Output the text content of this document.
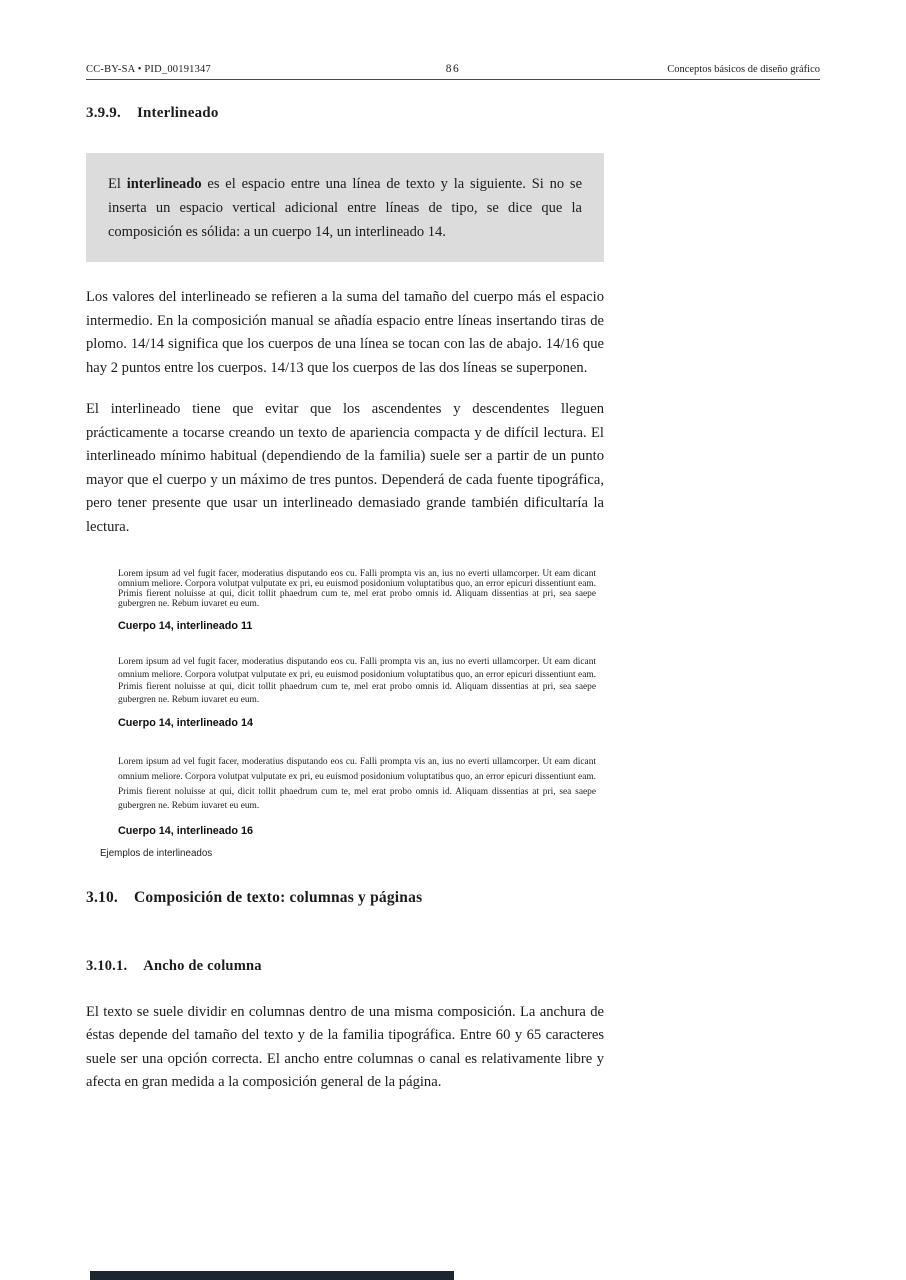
CC-BY-SA • PID_00191347	86	Conceptos básicos de diseño gráfico
3.9.9. Interlineado
El interlineado es el espacio entre una línea de texto y la siguiente. Si no se inserta un espacio vertical adicional entre líneas de tipo, se dice que la composición es sólida: a un cuerpo 14, un interlineado 14.

Los valores del interlineado se refieren a la suma del tamaño del cuerpo más el espacio intermedio. En la composición manual se añadía espacio entre líneas insertando tiras de plomo. 14/14 significa que los cuerpos de una línea se tocan con las de abajo. 14/16 que hay 2 puntos entre los cuerpos. 14/13 que los cuerpos de las dos líneas se superponen.

El interlineado tiene que evitar que los ascendentes y descendentes lleguen prácticamente a tocarse creando un texto de apariencia compacta y de difícil lectura. El interlineado mínimo habitual (dependiendo de la familia) suele ser a partir de un punto mayor que el cuerpo y un máximo de tres puntos. Dependerá de cada fuente tipográfica, pero tener presente que usar un interlineado demasiado grande también dificultaría la lectura.

Lorem ipsum ad vel fugit facer, moderatius disputando eos cu. Falli prompta vis an, ius no everti ullamcorper. Ut eam dicant omnium meliore. Corpora volutpat vulputate ex pri, eu euismod posidonium voluptatibus quo, an error epicuri dissentiunt eam. Primis fierent noluisse at qui, dicit tollit phaedrum cum te, mel erat probo omnis id. Aliquam dissentias at pri, sea saepe gubergren ne. Rebum iuvaret eu eum.

Cuerpo 14, interlineado 11

Lorem ipsum ad vel fugit facer, moderatius disputando eos cu. Falli prompta vis an, ius no everti ullamcorper. Ut eam dicant omnium meliore. Corpora volutpat vulputate ex pri, eu euismod posidonium voluptatibus quo, an error epicuri dissentiunt eam. Primis fierent noluisse at qui, dicit tollit phaedrum cum te, mel erat probo omnis id. Aliquam dissentias at pri, sea saepe gubergren ne. Rebum iuvaret eu eum.

Cuerpo 14, interlineado 14

Lorem ipsum ad vel fugit facer, moderatius disputando eos cu. Falli prompta vis an, ius no everti ullamcorper. Ut eam dicant omnium meliore. Corpora volutpat vulputate ex pri, eu euismod posidonium voluptatibus quo, an error epicuri dissentiunt eam. Primis fierent noluisse at qui, dicit tollit phaedrum cum te, mel erat probo omnis id. Aliquam dissentias at pri, sea saepe gubergren ne. Rebum iuvaret eu eum.

Cuerpo 14, interlineado 16

Ejemplos de interlineados

3.10. Composición de texto: columnas y páginas
3.10.1. Ancho de columna

El texto se suele dividir en columnas dentro de una misma composición. La anchura de éstas depende del tamaño del texto y de la familia tipográfica. Entre 60 y 65 caracteres suele ser una opción correcta. El ancho entre columnas o canal es relativamente libre y afecta en gran medida a la composición general de la página.
